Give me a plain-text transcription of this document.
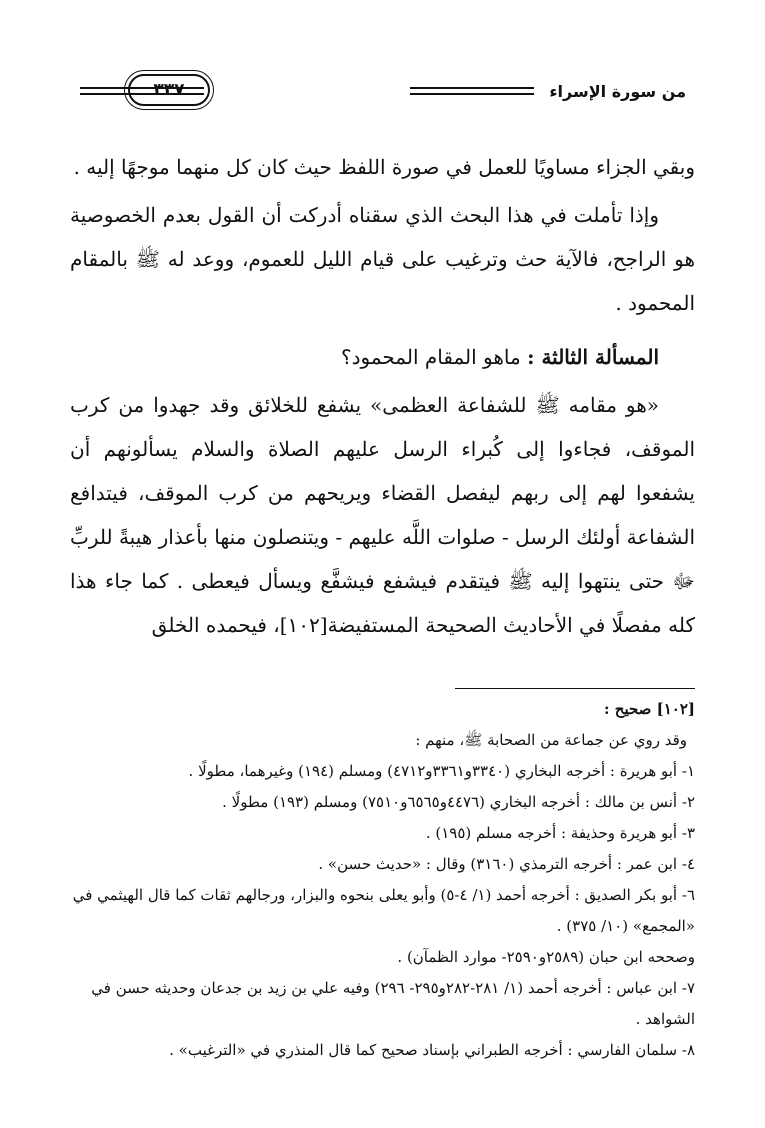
من سورة الإسراء
٣٣٧

وبقي الجزاء مساويًا للعمل في صورة اللفظ حيث كان كل منهما موجهًا إليه .

وإذا تأملت في هذا البحث الذي سقناه أدركت أن القول بعدم الخصوصية هو الراجح، فالآية حث وترغيب على قيام الليل للعموم، ووعد له ﷺ بالمقام المحمود .

المسألة الثالثة : ماهو المقام المحمود؟

«هو مقامه ﷺ للشفاعة العظمى» يشفع للخلائق وقد جهدوا من كرب الموقف، فجاءوا إلى كُبراء الرسل عليهم الصلاة والسلام يسألونهم أن يشفعوا لهم إلى ربهم ليفصل القضاء ويريحهم من كرب الموقف، فيتدافع الشفاعة أولئك الرسل - صلوات اللَّه عليهم - ويتنصلون منها بأعذار هيبةً للربِّ ﷻ حتى ينتهوا إليه ﷺ فيتقدم فيشفع فيشفَّع ويسأل فيعطى . كما جاء هذا كله مفصلًا في الأحاديث الصحيحة المستفيضة[١٠٢]، فيحمده الخلق

[١٠٢] صحيح :

وقد روي عن جماعة من الصحابة ﷺ، منهم :

١- أبو هريرة : أخرجه البخاري (٣٣٤٠و٣٣٦١و٤٧١٢) ومسلم (١٩٤) وغيرهما، مطولًا .

٢- أنس بن مالك : أخرجه البخاري (٤٤٧٦و٦٥٦٥و٧٥١٠) ومسلم (١٩٣) مطولًا .

٣- أبو هريرة وحذيفة : أخرجه مسلم (١٩٥) .

٤- ابن عمر : أخرجه الترمذي (٣١٦٠) وقال : «حديث حسن» .

٦- أبو بكر الصديق : أخرجه أحمد (١/ ٤-٥) وأبو يعلى بنحوه والبزار، ورجالهم ثقات كما قال الهيثمي في «المجمع» (١٠/ ٣٧٥) .

وصححه ابن حبان (٢٥٨٩و٢٥٩٠- موارد الظمآن) .

٧- ابن عباس : أخرجه أحمد (١/ ٢٨١-٢٨٢و٢٩٥- ٢٩٦) وفيه علي بن زيد بن جدعان وحديثه حسن في الشواهد .

٨- سلمان الفارسي : أخرجه الطبراني بإسناد صحيح كما قال المنذري في «الترغيب» .
